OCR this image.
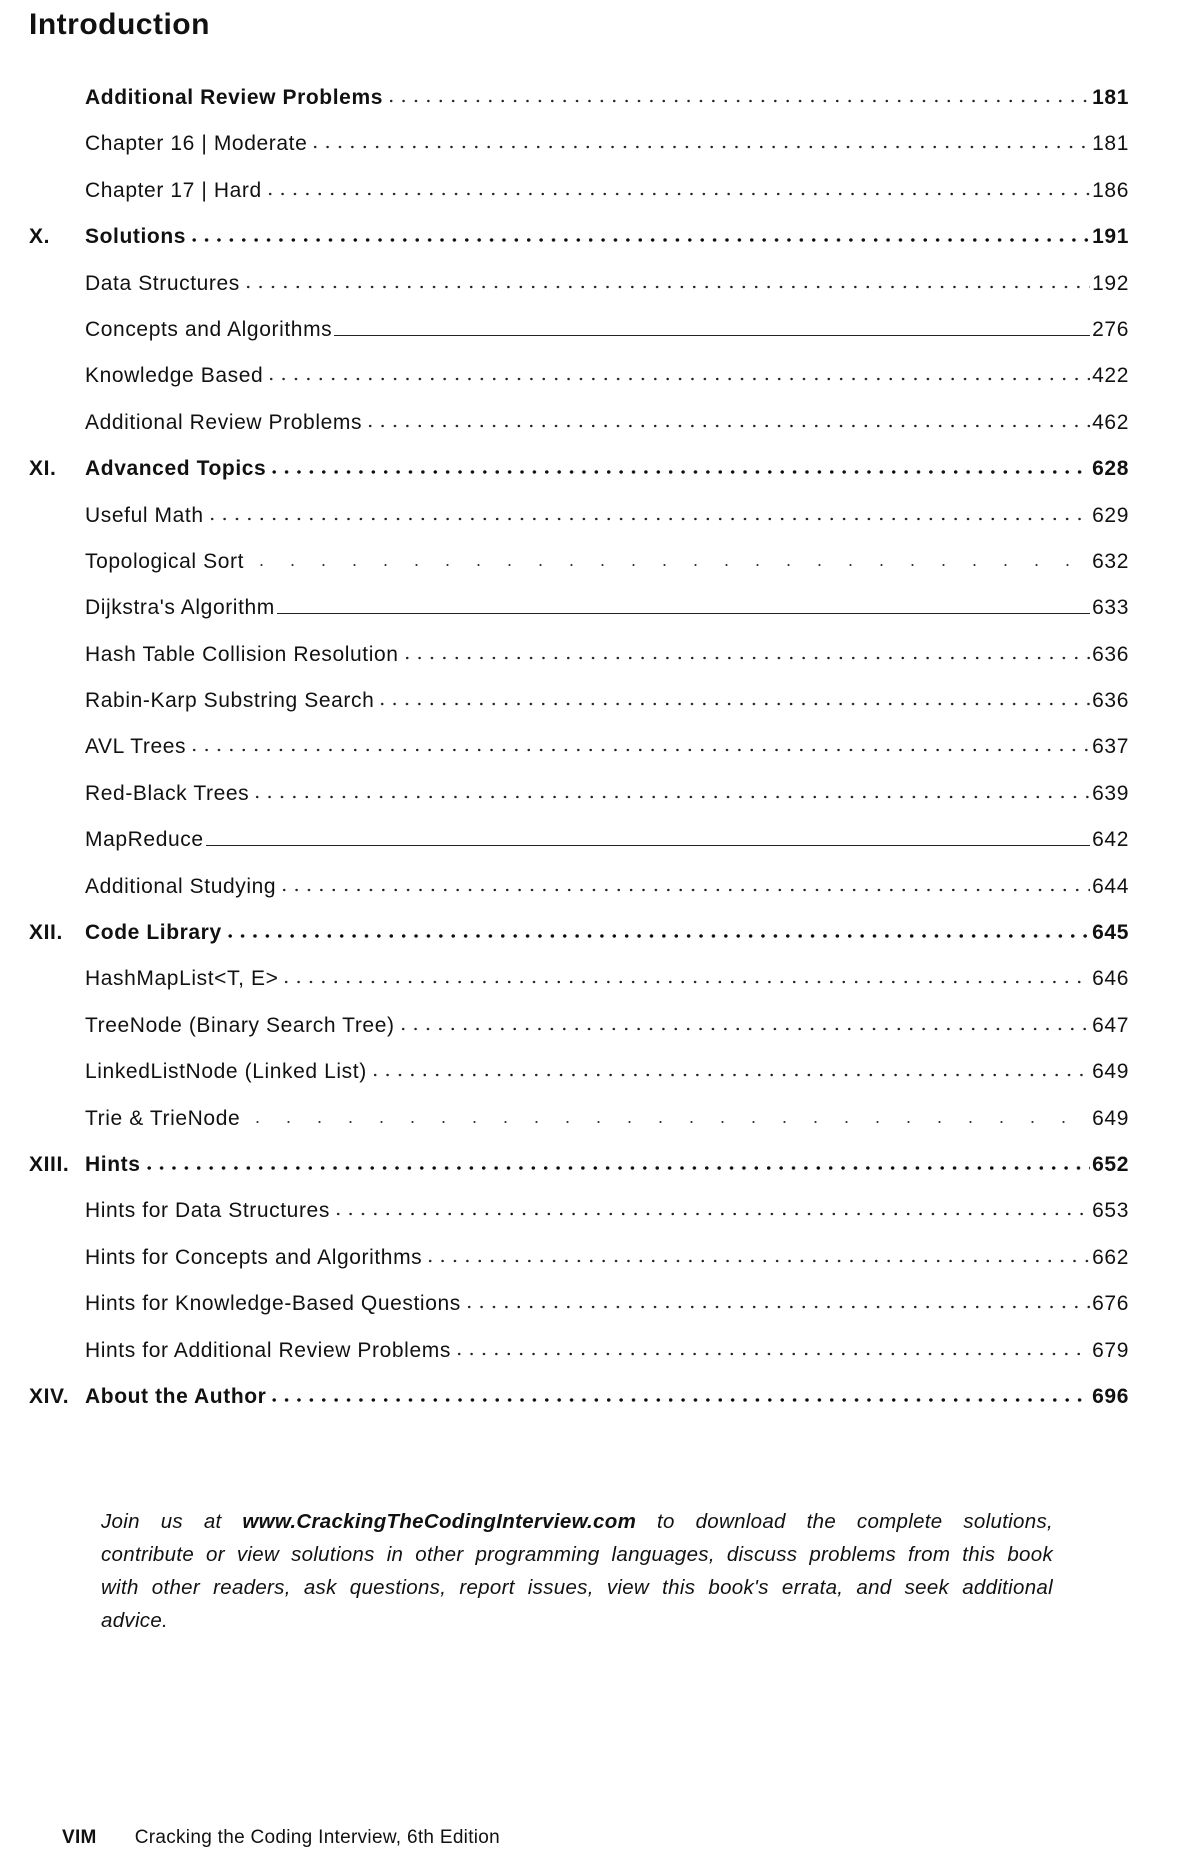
Introduction
Additional Review Problems	181
Chapter 16 | Moderate	181
Chapter 17 | Hard	186
X.	Solutions	191
Data Structures	192
Concepts and Algorithms	276
Knowledge Based	422
Additional Review Problems	462
XI.	Advanced Topics	628
Useful Math	629
Topological Sort	632
Dijkstra's Algorithm	633
Hash Table Collision Resolution	636
Rabin-Karp Substring Search	636
AVL Trees	637
Red-Black Trees	639
MapReduce	642
Additional Studying	644
XII.	Code Library	645
HashMapList<T, E>	646
TreeNode (Binary Search Tree)	647
LinkedListNode (Linked List)	649
Trie & TrieNode	649
XIII. Hints	652
Hints for Data Structures	653
Hints for Concepts and Algorithms	662
Hints for Knowledge-Based Questions	676
Hints for Additional Review Problems	679
XIV. About the Author	696
Join us at www.CrackingTheCodingInterview.com to download the complete solutions, contribute or view solutions in other programming languages, discuss problems from this book with other readers, ask questions, report issues, view this book's errata, and seek additional advice.
VIM Cracking the Coding Interview, 6th Edition
